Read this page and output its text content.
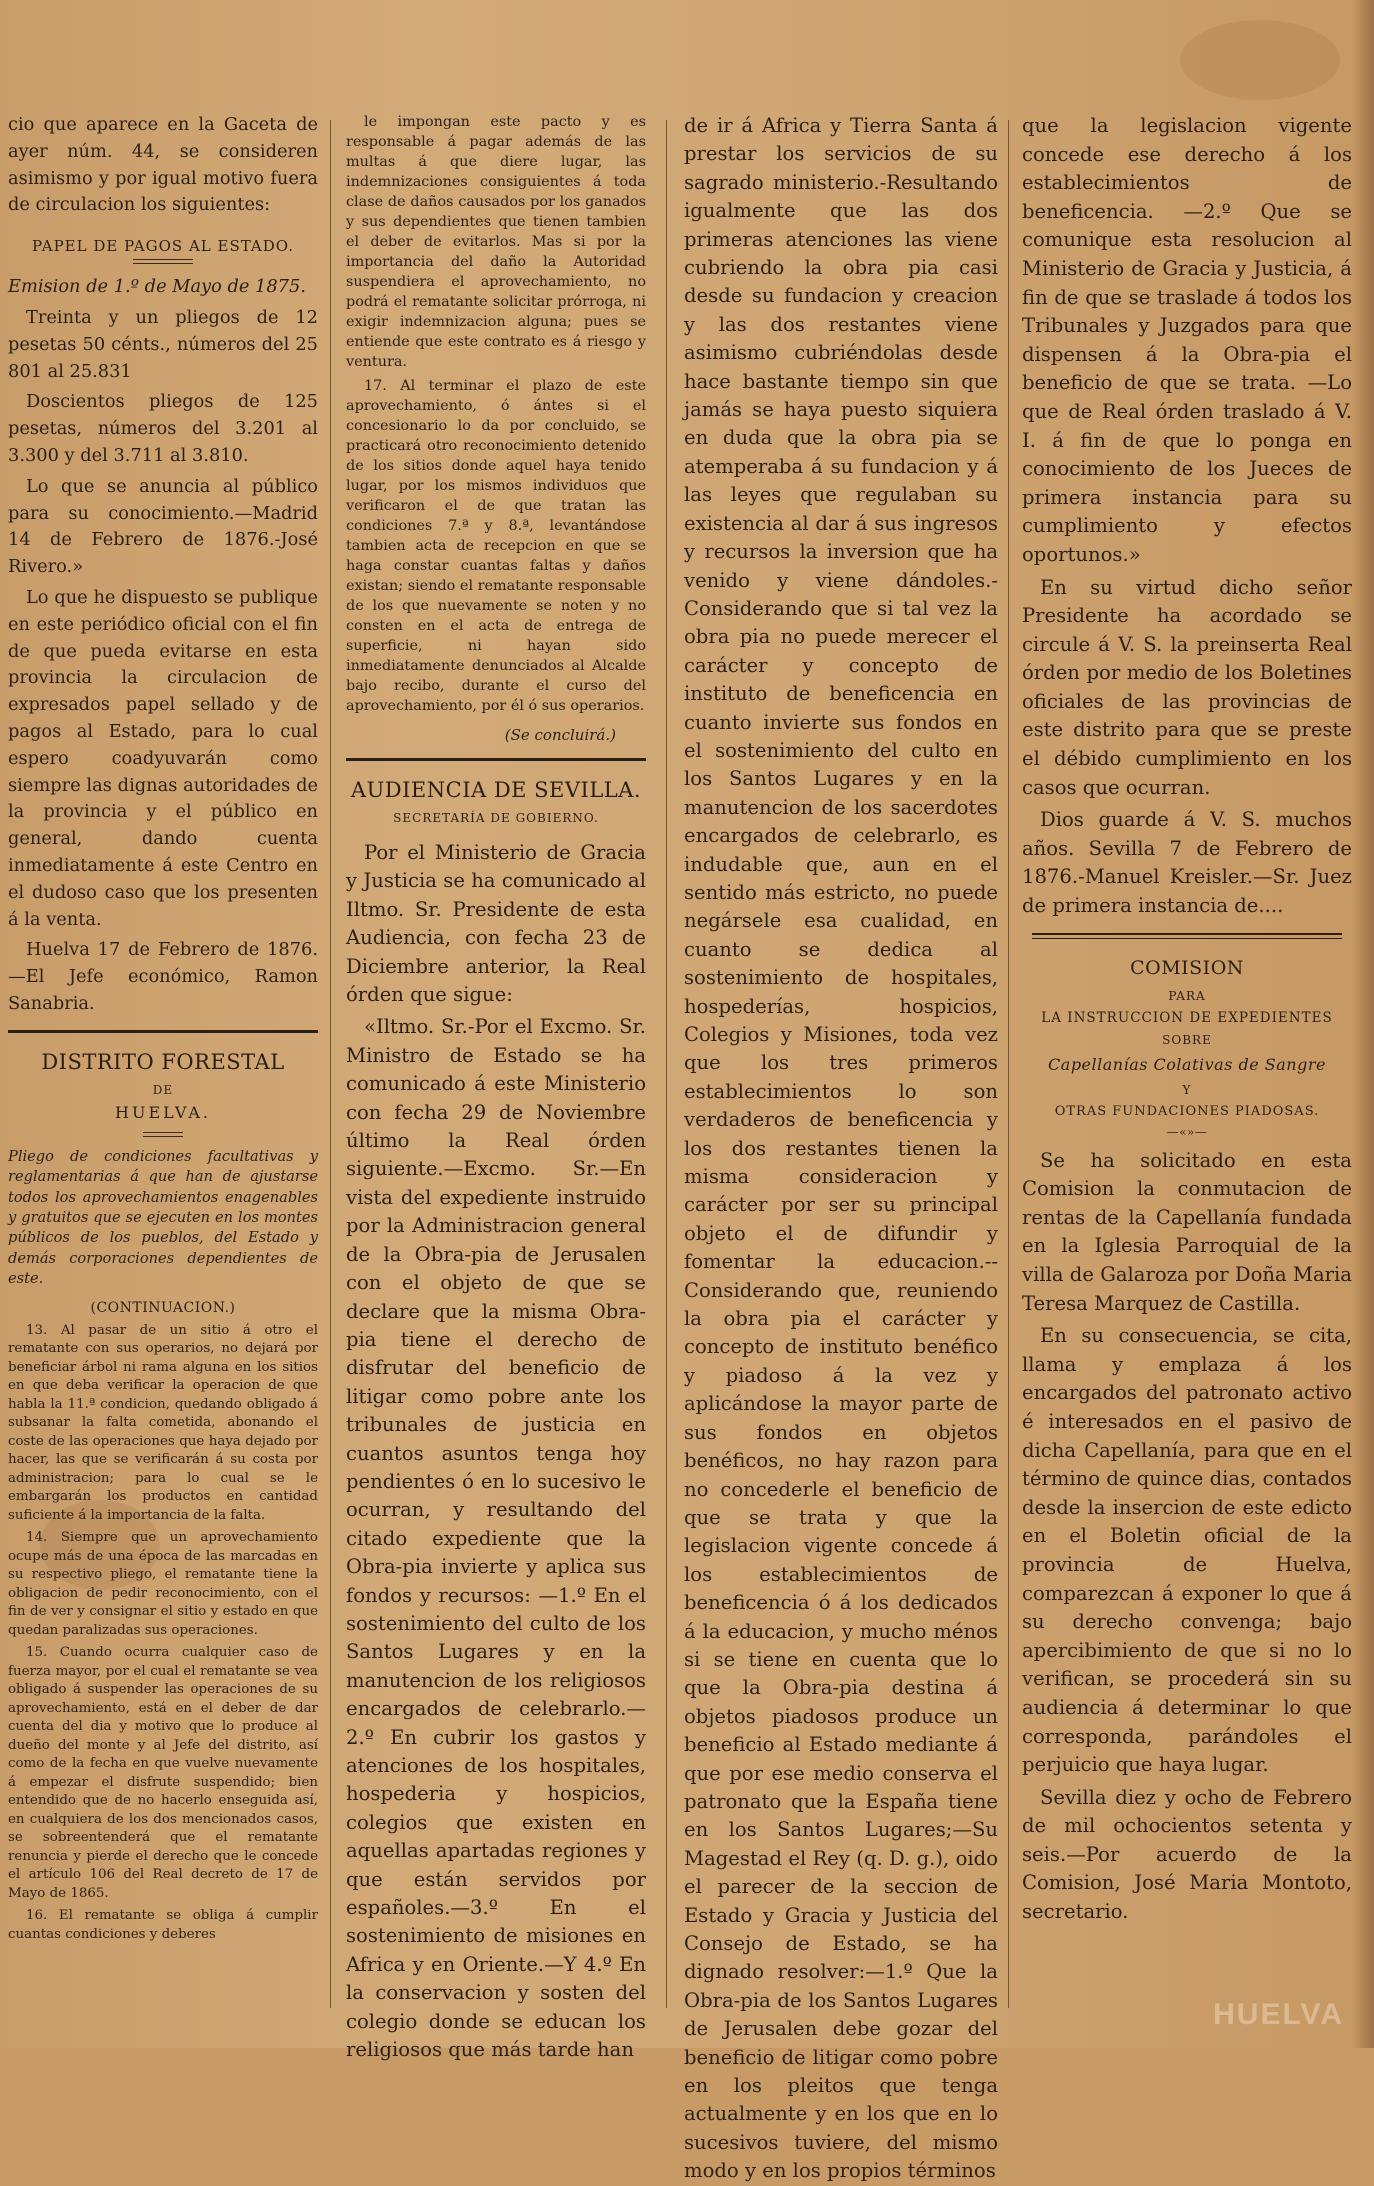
cio que aparece en la Gaceta de ayer núm. 44, se consideren asimismo y por igual motivo fuera de circulacion los siguientes:

PAPEL DE PAGOS AL ESTADO.

Emision de 1.º de Mayo de 1875.

Treinta y un pliegos de 12 pesetas 50 cénts., números del 25 801 al 25.831

Doscientos pliegos de 125 pesetas, números del 3.201 al 3.300 y del 3.711 al 3.810.

Lo que se anuncia al público para su conocimiento.—Madrid 14 de Febrero de 1876.-José Rivero.»

Lo que he dispuesto se publique en este periódico oficial con el fin de que pueda evitarse en esta provincia la circulacion de expresados papel sellado y de pagos al Estado, para lo cual espero coadyuvarán como siempre las dignas autoridades de la provincia y el público en general, dando cuenta inmediatamente á este Centro en el dudoso caso que los presenten á la venta.

Huelva 17 de Febrero de 1876. —El Jefe económico, Ramon Sanabria.

DISTRITO FORESTAL
DE
HUELVA.

Pliego de condiciones facultativas y reglamentarias á que han de ajustarse todos los aprovechamientos enagenables y gratuitos que se ejecuten en los montes públicos de los pueblos, del Estado y demás corporaciones dependientes de este.

(CONTINUACION.)

13. Al pasar de un sitio á otro el rematante con sus operarios, no dejará por beneficiar árbol ni rama alguna en los sitios en que deba verificar la operacion de que habla la 11.ª condicion, quedando obligado á subsanar la falta cometida, abonando el coste de las operaciones que haya dejado por hacer, las que se verificarán á su costa por administracion; para lo cual se le embargarán los productos en cantidad suficiente á la importancia de la falta.

14. Siempre que un aprovechamiento ocupe más de una época de las marcadas en su respectivo pliego, el rematante tiene la obligacion de pedir reconocimiento, con el fin de ver y consignar el sitio y estado en que quedan paralizadas sus operaciones.

15. Cuando ocurra cualquier caso de fuerza mayor, por el cual el rematante se vea obligado á suspender las operaciones de su aprovechamiento, está en el deber de dar cuenta del dia y motivo que lo produce al dueño del monte y al Jefe del distrito, así como de la fecha en que vuelve nuevamente á empezar el disfrute suspendido; bien entendido que de no hacerlo enseguida así, en cualquiera de los dos mencionados casos, se sobreentenderá que el rematante renuncia y pierde el derecho que le concede el artículo 106 del Real decreto de 17 de Mayo de 1865.

16. El rematante se obliga á cumplir cuantas condiciones y deberes

le impongan este pacto y es responsable á pagar además de las multas á que diere lugar, las indemnizaciones consiguientes á toda clase de daños causados por los ganados y sus dependientes que tienen tambien el deber de evitarlos. Mas si por la importancia del daño la Autoridad suspendiera el aprovechamiento, no podrá el rematante solicitar prórroga, ni exigir indemnizacion alguna; pues se entiende que este contrato es á riesgo y ventura.

17. Al terminar el plazo de este aprovechamiento, ó ántes si el concesionario lo da por concluido, se practicará otro reconocimiento detenido de los sitios donde aquel haya tenido lugar, por los mismos individuos que verificaron el de que tratan las condiciones 7.ª y 8.ª, levantándose tambien acta de recepcion en que se haga constar cuantas faltas y daños existan; siendo el rematante responsable de los que nuevamente se noten y no consten en el acta de entrega de superficie, ni hayan sido inmediatamente denunciados al Alcalde bajo recibo, durante el curso del aprovechamiento, por él ó sus operarios.

(Se concluirá.)

AUDIENCIA DE SEVILLA.
SECRETARÍA DE GOBIERNO.

Por el Ministerio de Gracia y Justicia se ha comunicado al Iltmo. Sr. Presidente de esta Audiencia, con fecha 23 de Diciembre anterior, la Real órden que sigue:

«Iltmo. Sr.-Por el Excmo. Sr. Ministro de Estado se ha comunicado á este Ministerio con fecha 29 de Noviembre último la Real órden siguiente.—Excmo. Sr.—En vista del expediente instruido por la Administracion general de la Obra-pia de Jerusalen con el objeto de que se declare que la misma Obra-pia tiene el derecho de disfrutar del beneficio de litigar como pobre ante los tribunales de justicia en cuantos asuntos tenga hoy pendientes ó en lo sucesivo le ocurran, y resultando del citado expediente que la Obra-pia invierte y aplica sus fondos y recursos: —1.º En el sostenimiento del culto de los Santos Lugares y en la manutencion de los religiosos encargados de celebrarlo.—2.º En cubrir los gastos y atenciones de los hospitales, hospederia y hospicios, colegios que existen en aquellas apartadas regiones y que están servidos por españoles.—3.º En el sostenimiento de misiones en Africa y en Oriente.—Y 4.º En la conservacion y sosten del colegio donde se educan los religiosos que más tarde han

de ir á Africa y Tierra Santa á prestar los servicios de su sagrado ministerio.-Resultando igualmente que las dos primeras atenciones las viene cubriendo la obra pia casi desde su fundacion y creacion y las dos restantes viene asimismo cubriéndolas desde hace bastante tiempo sin que jamás se haya puesto siquiera en duda que la obra pia se atemperaba á su fundacion y á las leyes que regulaban su existencia al dar á sus ingresos y recursos la inversion que ha venido y viene dándoles.-Considerando que si tal vez la obra pia no puede merecer el carácter y concepto de instituto de beneficencia en cuanto invierte sus fondos en el sostenimiento del culto en los Santos Lugares y en la manutencion de los sacerdotes encargados de celebrarlo, es indudable que, aun en el sentido más estricto, no puede negársele esa cualidad, en cuanto se dedica al sostenimiento de hospitales, hospederías, hospicios, Colegios y Misiones, toda vez que los tres primeros establecimientos lo son verdaderos de beneficencia y los dos restantes tienen la misma consideracion y carácter por ser su principal objeto el de difundir y fomentar la educacion.--Considerando que, reuniendo la obra pia el carácter y concepto de instituto benéfico y piadoso á la vez y aplicándose la mayor parte de sus fondos en objetos benéficos, no hay razon para no concederle el beneficio de que se trata y que la legislacion vigente concede á los establecimientos de beneficencia ó á los dedicados á la educacion, y mucho ménos si se tiene en cuenta que lo que la Obra-pia destina á objetos piadosos produce un beneficio al Estado mediante á que por ese medio conserva el patronato que la España tiene en los Santos Lugares;—Su Magestad el Rey (q. D. g.), oido el parecer de la seccion de Estado y Gracia y Justicia del Consejo de Estado, se ha dignado resolver:—1.º Que la Obra-pia de los Santos Lugares de Jerusalen debe gozar del beneficio de litigar como pobre en los pleitos que tenga actualmente y en los que en lo sucesivos tuviere, del mismo modo y en los propios términos

que la legislacion vigente concede ese derecho á los establecimientos de beneficencia. —2.º Que se comunique esta resolucion al Ministerio de Gracia y Justicia, á fin de que se traslade á todos los Tribunales y Juzgados para que dispensen á la Obra-pia el beneficio de que se trata. —Lo que de Real órden traslado á V. I. á fin de que lo ponga en conocimiento de los Jueces de primera instancia para su cumplimiento y efectos oportunos.»

En su virtud dicho señor Presidente ha acordado se circule á V. S. la preinserta Real órden por medio de los Boletines oficiales de las provincias de este distrito para que se preste el débido cumplimiento en los casos que ocurran.

Dios guarde á V. S. muchos años. Sevilla 7 de Febrero de 1876.-Manuel Kreisler.—Sr. Juez de primera instancia de....

COMISION
PARA
LA INSTRUCCION DE EXPEDIENTES
SOBRE
Capellanías Colativas de Sangre
Y
OTRAS FUNDACIONES PIADOSAS.
—«»—

Se ha solicitado en esta Comision la conmutacion de rentas de la Capellanía fundada en la Iglesia Parroquial de la villa de Galaroza por Doña Maria Teresa Marquez de Castilla.

En su consecuencia, se cita, llama y emplaza á los encargados del patronato activo é interesados en el pasivo de dicha Capellanía, para que en el término de quince dias, contados desde la insercion de este edicto en el Boletin oficial de la provincia de Huelva, comparezcan á exponer lo que á su derecho convenga; bajo apercibimiento de que si no lo verifican, se procederá sin su audiencia á determinar lo que corresponda, parándoles el perjuicio que haya lugar.

Sevilla diez y ocho de Febrero de mil ochocientos setenta y seis.—Por acuerdo de la Comision, José Maria Montoto, secretario.

HUELVA
